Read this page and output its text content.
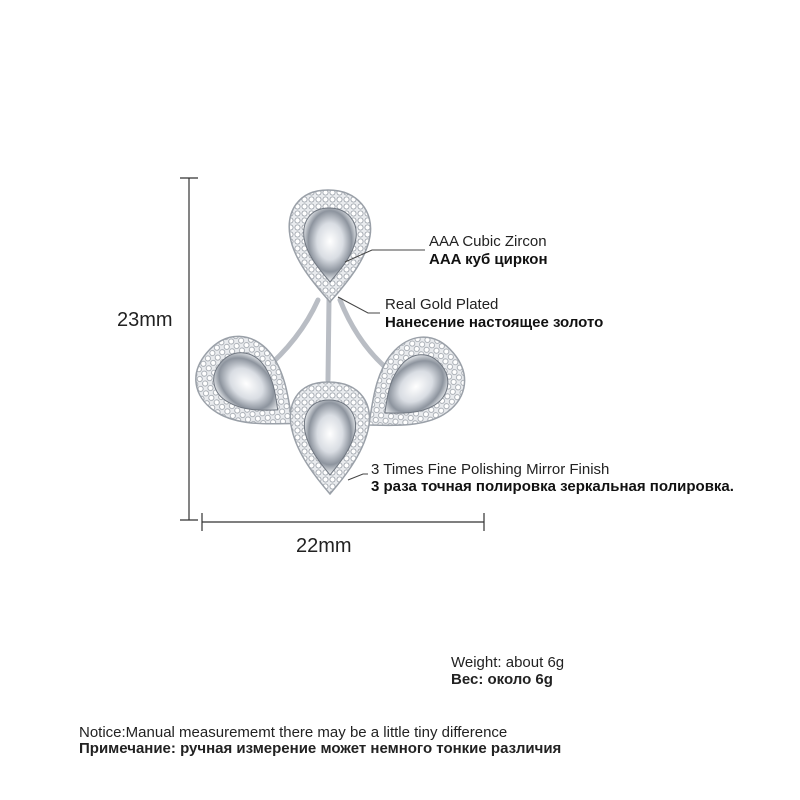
23mm
22mm
AAA Cubic Zircon
AAA куб циркон
Real Gold Plated
Нанесение настоящее золото
3 Times Fine Polishing Mirror Finish
3 раза точная полировка зеркальная полировка.
Weight: about 6g
Вес: около 6g
Notice:Manual measurememt there may be a little tiny difference
Примечание: ручная измерение может немного тонкие различия
